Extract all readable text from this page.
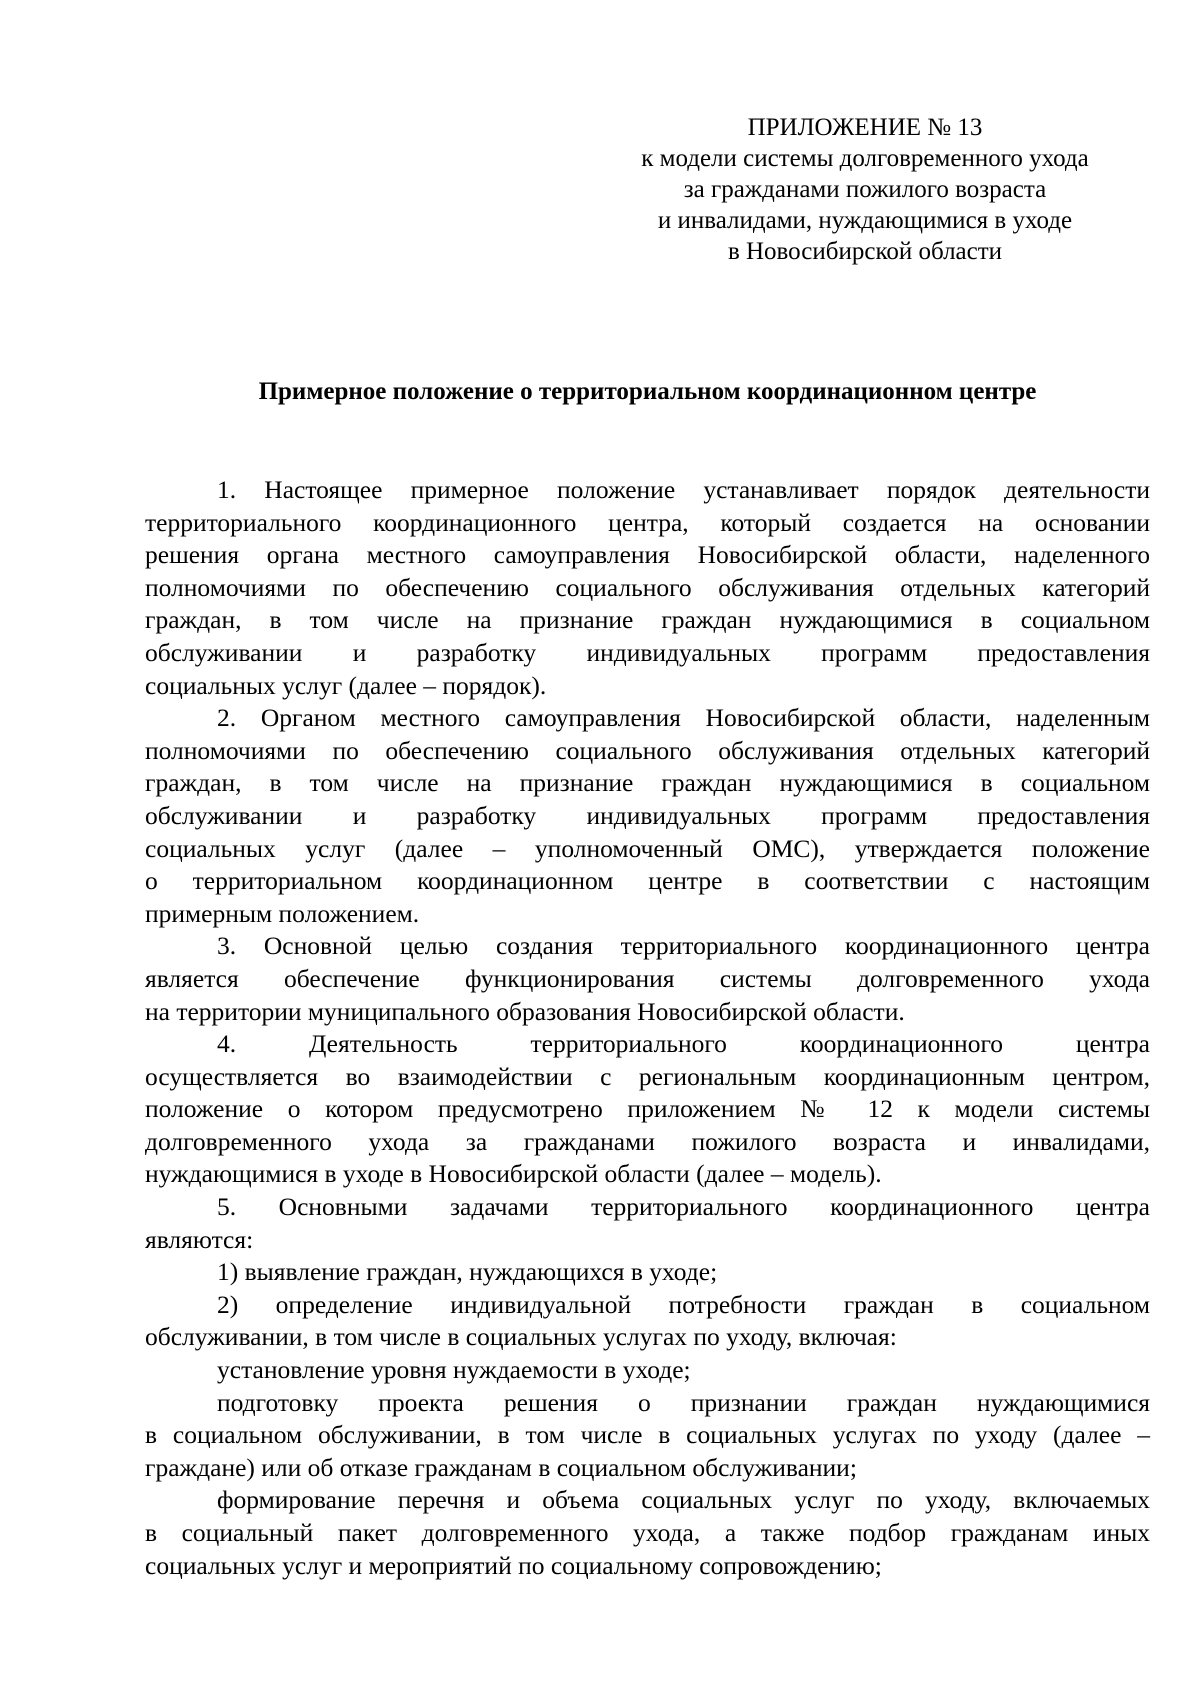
ПРИЛОЖЕНИЕ № 13
к модели системы долговременного ухода
за гражданами пожилого возраста
и инвалидами, нуждающимися в уходе
в Новосибирской области
Примерное положение о территориальном координационном центре
1. Настоящее примерное положение устанавливает порядок деятельности
территориального координационного центра, который создается на основании
решения органа местного самоуправления Новосибирской области, наделенного
полномочиями по обеспечению социального обслуживания отдельных категорий
граждан, в том числе на признание граждан нуждающимися в социальном
обслуживании и разработку индивидуальных программ предоставления
социальных услуг (далее – порядок).
2. Органом местного самоуправления Новосибирской области, наделенным
полномочиями по обеспечению социального обслуживания отдельных категорий
граждан, в том числе на признание граждан нуждающимися в социальном
обслуживании и разработку индивидуальных программ предоставления
социальных услуг (далее – уполномоченный ОМС), утверждается положение
о территориальном координационном центре в соответствии с настоящим
примерным положением.
3. Основной целью создания территориального координационного центра
является обеспечение функционирования системы долговременного ухода
на территории муниципального образования Новосибирской области.
4. Деятельность территориального координационного центра
осуществляется во взаимодействии с региональным координационным центром,
положение о котором предусмотрено приложением № 12 к модели системы
долговременного ухода за гражданами пожилого возраста и инвалидами,
нуждающимися в уходе в Новосибирской области (далее – модель).
5. Основными задачами территориального координационного центра
являются:
1) выявление граждан, нуждающихся в уходе;
2) определение индивидуальной потребности граждан в социальном
обслуживании, в том числе в социальных услугах по уходу, включая:
установление уровня нуждаемости в уходе;
подготовку проекта решения о признании граждан нуждающимися
в социальном обслуживании, в том числе в социальных услугах по уходу (далее –
граждане) или об отказе гражданам в социальном обслуживании;
формирование перечня и объема социальных услуг по уходу, включаемых
в социальный пакет долговременного ухода, а также подбор гражданам иных
социальных услуг и мероприятий по социальному сопровождению;
